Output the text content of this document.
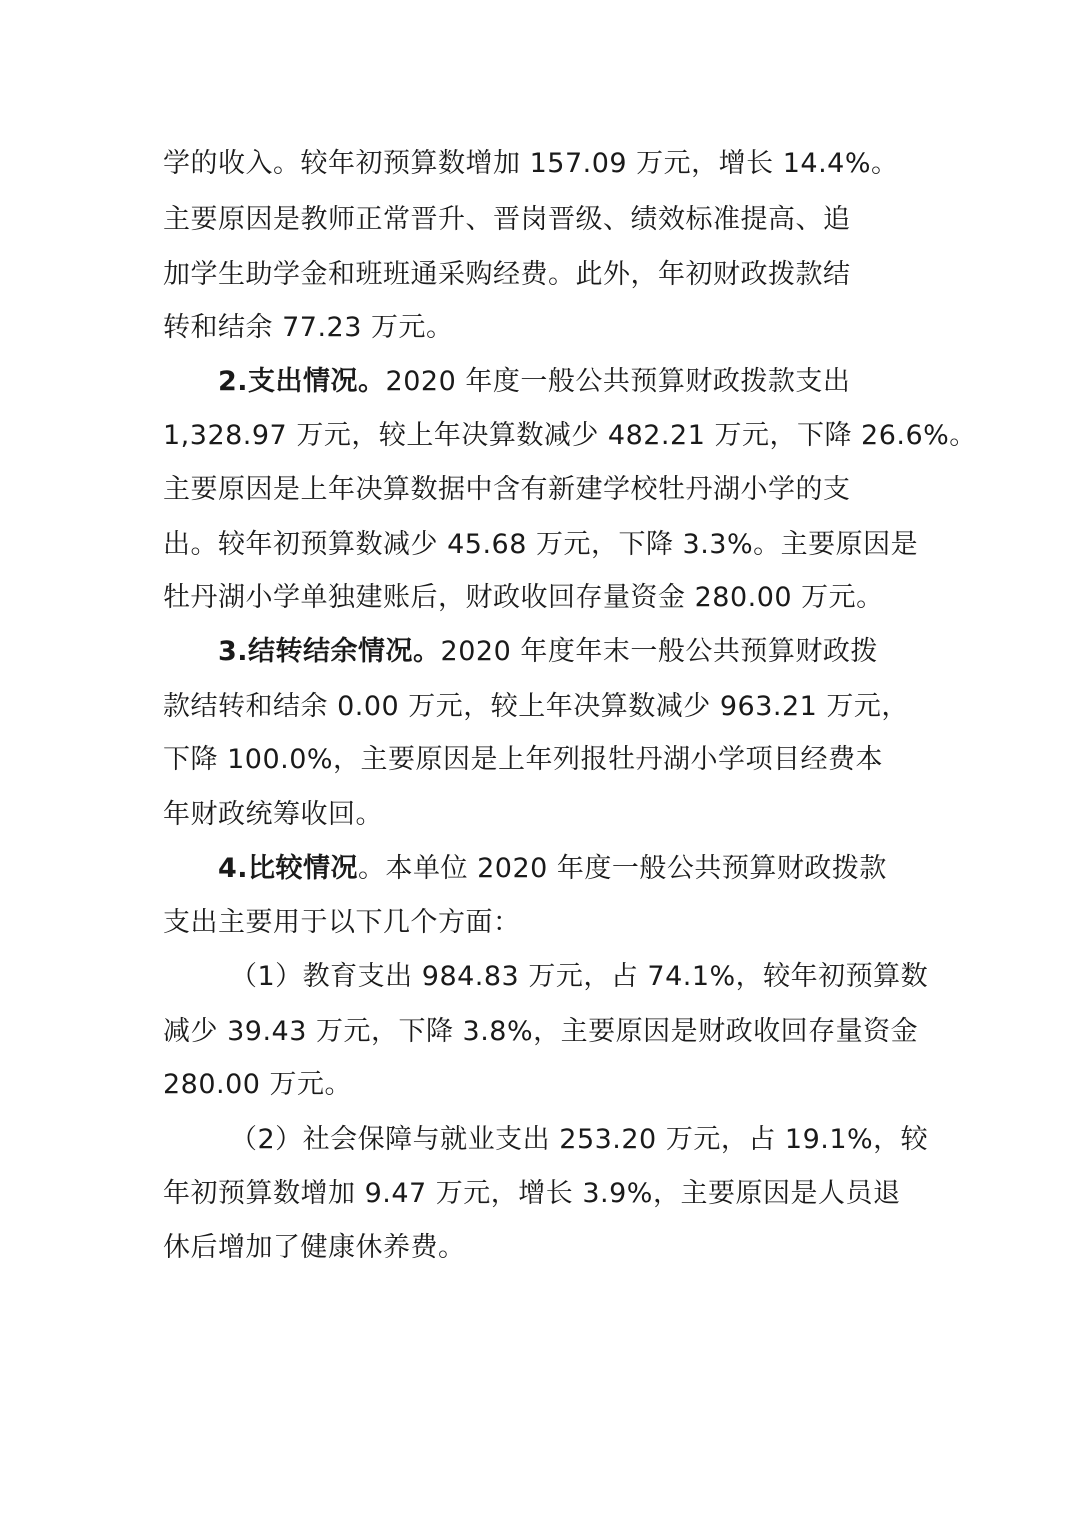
学的收入。较年初预算数增加 157.09 万元，增长 14.4%。
主要原因是教师正常晋升、晋岗晋级、绩效标准提高、追
加学生助学金和班班通采购经费。此外，年初财政拨款结
转和结余 77.23 万元。
2.支出情况。2020 年度一般公共预算财政拨款支出
1,328.97 万元，较上年决算数减少 482.21 万元，下降 26.6%。
主要原因是上年决算数据中含有新建学校牡丹湖小学的支
出。较年初预算数减少 45.68 万元，下降 3.3%。主要原因是
牡丹湖小学单独建账后，财政收回存量资金 280.00 万元。
3.结转结余情况。2020 年度年末一般公共预算财政拨
款结转和结余 0.00 万元，较上年决算数减少 963.21 万元，
下降 100.0%，主要原因是上年列报牡丹湖小学项目经费本
年财政统筹收回。
4.比较情况。本单位 2020 年度一般公共预算财政拨款
支出主要用于以下几个方面：
（1）教育支出 984.83 万元，占 74.1%，较年初预算数
减少 39.43 万元，下降 3.8%，主要原因是财政收回存量资金
280.00 万元。
（2）社会保障与就业支出 253.20 万元，占 19.1%，较
年初预算数增加 9.47 万元，增长 3.9%，主要原因是人员退
休后增加了健康休养费。
